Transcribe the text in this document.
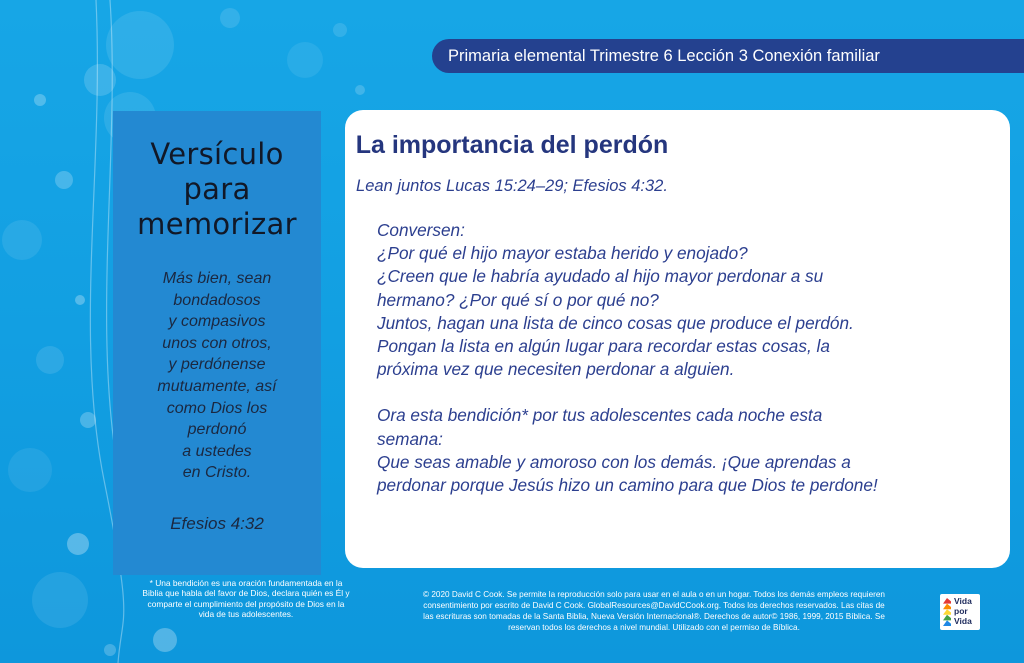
Primaria elemental Trimestre 6 Lección 3 Conexión familiar
Versículo
para
memorizar
Más bien, sean
bondadosos
y compasivos
unos con otros,
y perdónense
mutuamente, así
como Dios los
perdonó
a ustedes
en Cristo.
Efesios 4:32
La importancia del perdón
Lean juntos Lucas 15:24–29; Efesios 4:32.
Conversen:
¿Por qué el hijo mayor estaba herido y enojado?
¿Creen que le habría ayudado al hijo mayor perdonar a su
hermano? ¿Por qué sí o por qué no?
Juntos, hagan una lista de cinco cosas que produce el perdón.
Pongan la lista en algún lugar para recordar estas cosas, la
próxima vez que necesiten perdonar a alguien.
Ora esta bendición* por tus adolescentes cada noche esta
semana:
Que seas amable y amoroso con los demás. ¡Que aprendas a
perdonar porque Jesús hizo un camino para que Dios te perdone!
* Una bendición es una oración fundamentada en la
Biblia que habla del favor de Dios, declara quién es Él y
comparte el cumplimiento del propósito de Dios en la
vida de tus adolescentes.
© 2020 David C Cook. Se permite la reproducción solo para usar en el aula o en un hogar. Todos los demás empleos requieren
consentimiento por escrito de David C Cook. GlobalResources@DavidCCook.org. Todos los derechos reservados. Las citas de
las escrituras son tomadas de la Santa Biblia, Nueva Versión Internacional®. Derechos de autor© 1986, 1999, 2015 Bíblica. Se
reservan todos los derechos a nivel mundial. Utilizado con el permiso de Bíblica.
Vida
por
Vida
